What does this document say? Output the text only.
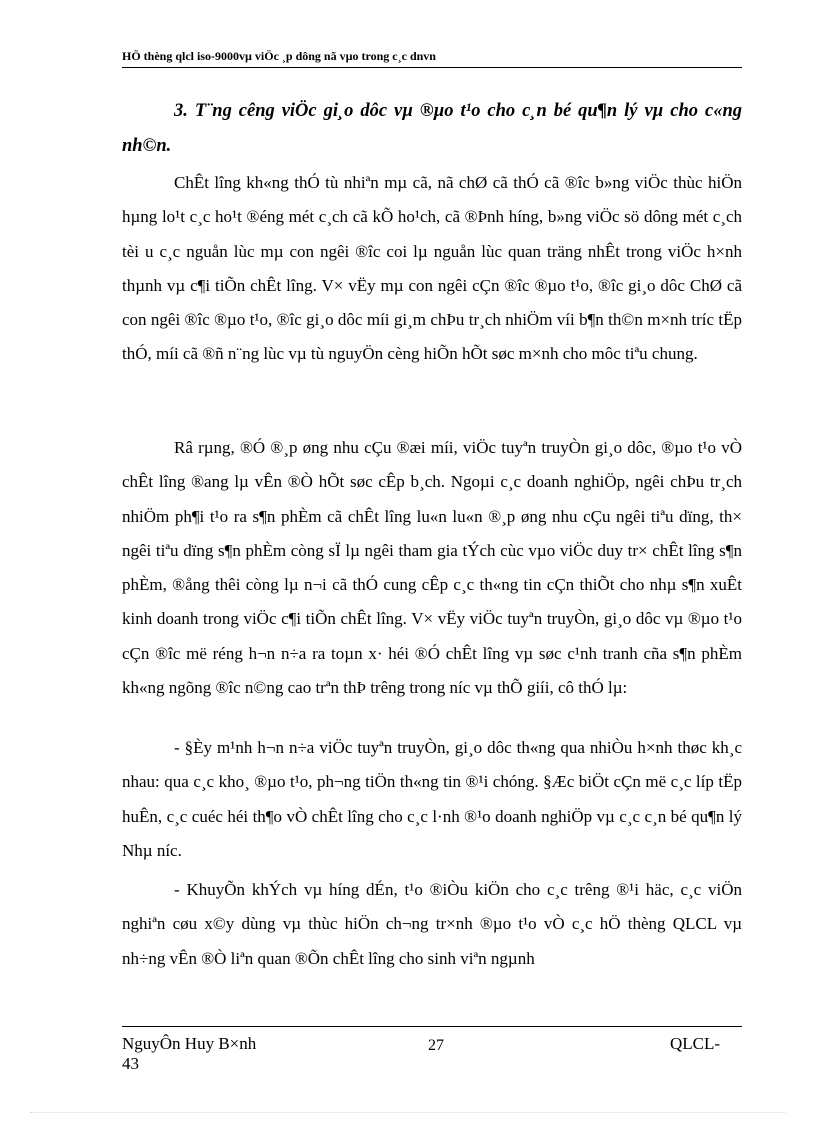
HÖ thèng qlcl iso-9000vµ viÖc ¸p dông nã vµo trong c¸c dnvn

3. T¨ng cêng viÖc gi¸o dôc vµ ®µo t¹o cho c¸n bé qu¶n lý vµ cho c«ng nh©n.

ChÊt lîng kh«ng thÓ tù nhiªn mµ cã, nã chØ cã thÓ cã ®îc b»ng viÖc thùc hiÖn hµng lo¹t c¸c ho¹t ®éng mét c¸ch cã kÕ ho¹ch, cã ®Þnh híng, b»ng viÖc sö dông mét c¸ch tèi u c¸c nguån lùc mµ con ngêi ®îc coi lµ nguån lùc quan träng nhÊt trong viÖc h×nh thµnh vµ c¶i tiÕn chÊt lîng. V× vËy mµ con ngêi cÇn ®îc ®µo t¹o, ®îc gi¸o dôc ChØ cã con ngêi ®îc ®µo t¹o, ®îc gi¸o dôc míi gi¸m chÞu tr¸ch nhiÖm víi b¶n th©n m×nh tríc tËp thÓ, míi cã ®ñ n¨ng lùc vµ tù nguyÖn cèng hiÕn hÕt søc m×nh cho môc tiªu chung.

Râ rµng, ®Ó ®¸p øng nhu cÇu ®æi míi, viÖc tuyªn truyÒn gi¸o dôc, ®µo t¹o vÒ chÊt lîng ®ang lµ vÊn ®Ò hÕt søc cÊp b¸ch. Ngoµi c¸c doanh nghiÖp, ngêi chÞu tr¸ch nhiÖm ph¶i t¹o ra s¶n phÈm cã chÊt lîng lu«n lu«n ®¸p øng nhu cÇu ngêi tiªu dïng, th× ngêi tiªu dïng s¶n phÈm còng sÏ lµ ngêi tham gia tÝch cùc vµo viÖc duy tr× chÊt lîng s¶n phÈm, ®ång thêi còng lµ n¬i cã thÓ cung cÊp c¸c th«ng tin cÇn thiÕt cho nhµ s¶n xuÊt kinh doanh trong viÖc c¶i tiÕn chÊt lîng. V× vËy viÖc tuyªn truyÒn, gi¸o dôc vµ ®µo t¹o cÇn ®îc më réng h¬n n÷a ra toµn x· héi ®Ó chÊt lîng vµ søc c¹nh tranh cña s¶n phÈm kh«ng ngõng ®îc n©ng cao trªn thÞ trêng trong níc vµ thÕ giíi, cô thÓ lµ:

- §Èy m¹nh h¬n n÷a viÖc tuyªn truyÒn, gi¸o dôc th«ng qua nhiÒu h×nh thøc kh¸c nhau: qua c¸c kho¸ ®µo t¹o, ph¬ng tiÖn th«ng tin ®¹i chóng. §Æc biÖt cÇn më c¸c líp tËp huÊn, c¸c cuéc héi th¶o vÒ chÊt lîng cho c¸c l·nh ®¹o doanh nghiÖp vµ c¸c c¸n bé qu¶n lý Nhµ níc.

- KhuyÕn khÝch vµ híng dÉn, t¹o ®iÒu kiÖn cho c¸c trêng ®¹i häc, c¸c viÖn nghiªn cøu x©y dùng vµ thùc hiÖn ch¬ng tr×nh ®µo t¹o vÒ c¸c hÖ thèng QLCL vµ nh÷ng vÊn ®Ò liªn quan ®Õn chÊt lîng cho sinh viªn ngµnh

NguyÔn Huy B×nh
43
27	QLCL-
